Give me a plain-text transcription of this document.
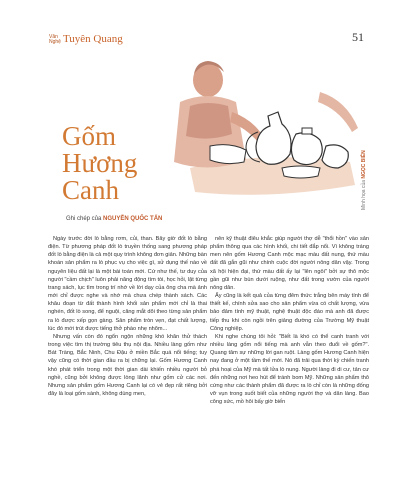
Văn
Nghệ Tuyên Quang	51
Gốm
Hương
Canh
Ghi chép của NGUYỄN QUỐC TẤN
Minh họa của NGỌC BIÊN

Ngày trước đời lò bằng rơm, củi, than. Bây giờ đốt lò bằng điện. Từ phương pháp đốt lò truyền thống sang phương pháp đốt lò bằng điện là cả một quy trình không đơn giản. Những bàn khoán sản phẩm ra lò phục vụ cho việc gì, sử dụng thế nào về nguyên liệu đất lại là một bài toán mới. Cứ như thế, tư duy của người "cầm chịch" luôn phải năng động tìm tòi, học hỏi, lật từng trang sách, lục tìm trong trí nhớ về lời dạy của ông cha mà ảnh mới chỉ được nghe và nhớ mà chưa chép thành sách. Các khâu đoạn từ đất thành hình khối sản phẩm mới chỉ là thai nghén, đốt lò song, để nguội, căng mắt dõi theo từng sản phẩm ra lò được xếp gọn gàng. Sản phẩm tròn vẹn, đạt chất lượng, lúc đó mới trút được tiếng thở phào nhẹ nhõm...

Nhưng vấn còn đó ngổn ngộn những khó khăn thử thách trong việc tìm thị trường tiêu thụ nội địa. Nhiều làng gốm như Bát Tràng, Bắc Ninh, Chu Đậu ở miền Bắc quá nổi tiếng; tuy vậy cũng có thời gian đầu ra bị chững lại. Gốm Hương Canh khó phát triển trong một thời gian dài khiến nhiều người bỏ nghề, cũng bởi không được lòng lãnh như gốm cử các nơi. Nhưng sản phẩm gốm Hương Canh lại có vẻ đẹp rất riêng bởi đây là loại gốm sành, không dùng men,

nên kỹ thuật điêu khắc giúp người thợ dễ "thổi hồn" vào sản phẩm thông qua các hình khối, chi tiết đắp nổi. Vì không tráng men nên gốm Hương Canh mộc mạc màu đất nung, thứ màu đất đã gắn gũi như chính cuộc đời người nông dân vậy. Trong xã hội hiện đại, thứ màu đất ấy lại "lên ngôi" bởi sự thô mộc gần gũi như bùn dưới ruộng, như đất trong vườn của người nông dân.

Ấy cũng là kết quả của từng đêm thức trắng bên máy tính để thiết kế, chính sửa sao cho sản phẩm vừa có chất lượng, vừa bảo đảm tính mỹ thuật, nghệ thuật độc đáo mà anh đã được tiếp thu khi còn ngồi trên giảng đường của Trường Mỹ thuật Công nghiệp.

Khi nghe chúng tôi hỏi: "Biết là khó có thể canh tranh với nhiều làng gốm nổi tiếng mà anh vẫn theo đuổi về gốm?". Quang tâm sự những lời gan ruột. Làng gốm Hương Canh hiện nay đang ở một tầm thế mới. Nó đã trải qua thời kỳ chiến tranh phá hoại của Mỹ mà tất lửa lò nung. Người làng đi di cư, tản cư đến những nơi heo hút để tránh bom Mỹ. Những sản phẩm thô cứng như các thành phẩm đã được ra lò chỉ còn là những đống vỡ vụn trong suốt biết của những người thợ và dân làng. Bao công sức, mồ hôi bấy giờ biến
